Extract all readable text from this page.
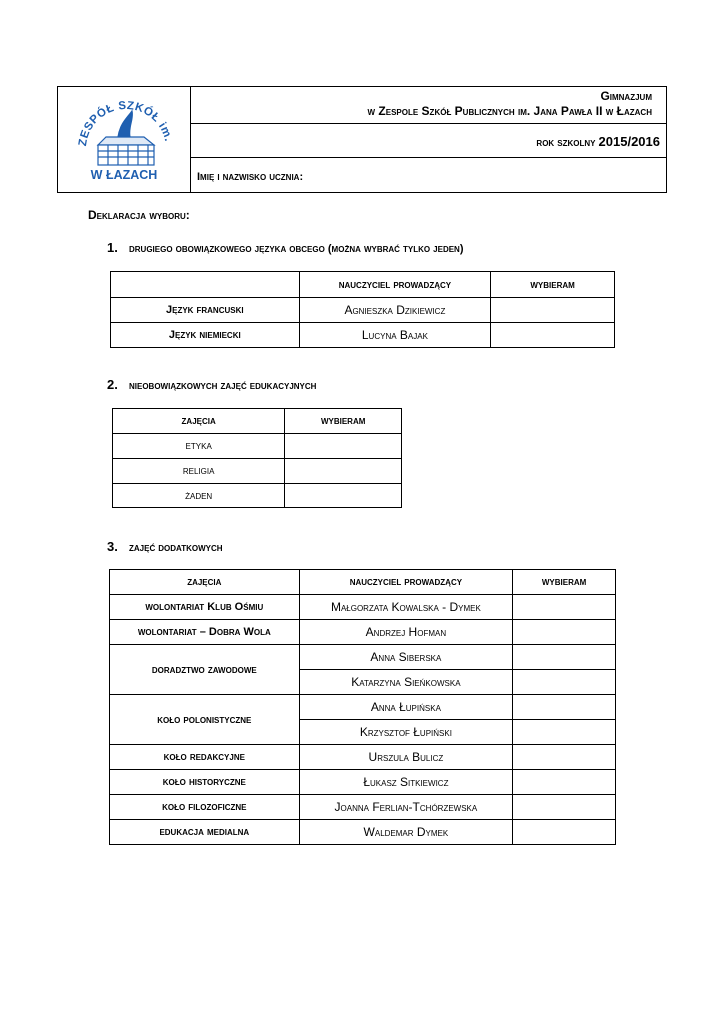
ZESPÓŁ SZKÓŁ im.
W ŁAZACH
Gimnazjum
w Zespole Szkół Publicznych im. Jana Pawła II w Łazach
rok szkolny 2015/2016
Imię i nazwisko ucznia:
Deklaracja wyboru:
1. drugiego obowiązkowego języka obcego (można wybrać tylko jeden)
	nauczyciel prowadzący	wybieram
Język francuski	Agnieszka Dzikiewicz	
Język niemiecki	Lucyna Bajak	
2. nieobowiązkowych zajęć edukacyjnych
zajęcia	wybieram
etyka	
religia	
żaden	
3. zajęć dodatkowych
zajęcia	nauczyciel prowadzący	wybieram
wolontariat Klub Ośmiu	Małgorzata Kowalska - Dymek	
wolontariat – Dobra Wola	Andrzej Hofman	
doradztwo zawodowe	Anna Siberska	
	Katarzyna Sieńkowska	
koło polonistyczne	Anna Łupińska	
	Krzysztof Łupiński	
koło redakcyjne	Urszula Bulicz	
koło historyczne	Łukasz Sitkiewicz	
koło filozoficzne	Joanna Ferlian-Tchórzewska	
edukacja medialna	Waldemar Dymek	
